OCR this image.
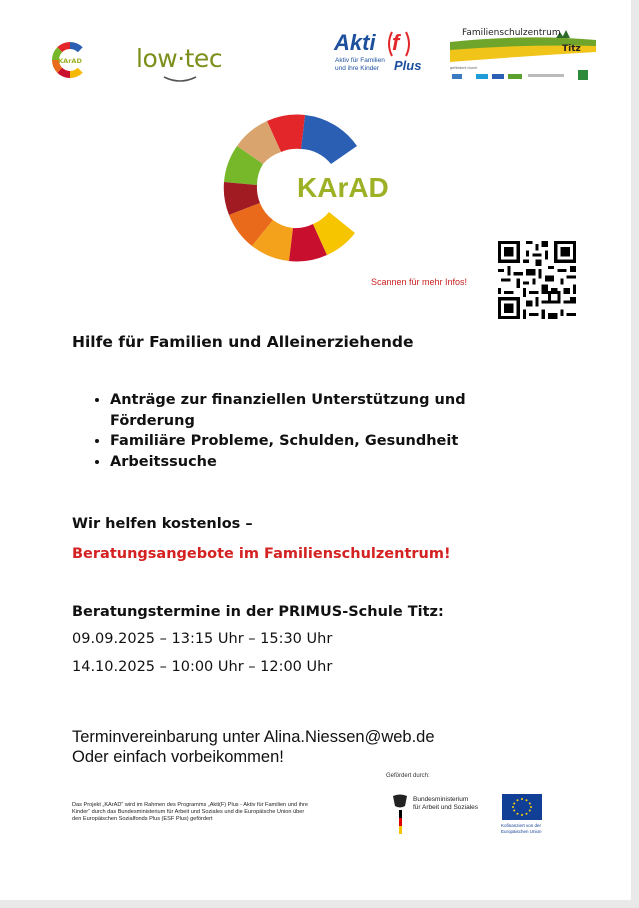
KArAD low·tec
Akti f
Aktiv für Familien
und ihre Kinder Plus
Familienschulzentrum
Titz
gefördert durch
KArAD
Scannen für mehr Infos!
Hilfe für Familien und Alleinerziehende
• Anträge zur finanziellen Unterstützung und Förderung
• Familiäre Probleme, Schulden, Gesundheit
• Arbeitssuche
Wir helfen kostenlos –
Beratungsangebote im Familienschulzentrum!
Beratungstermine in der PRIMUS-Schule Titz:
09.09.2025 – 13:15 Uhr – 15:30 Uhr
14.10.2025 – 10:00 Uhr – 12:00 Uhr
Terminvereinbarung unter Alina.Niessen@web.de
Oder einfach vorbeikommen!
Gefördert durch:
Das Projekt „KArAD“ wird im Rahmen des Programms „Akti(F) Plus - Aktiv für Familien und ihre Kinder“ durch das Bundesministerium für Arbeit und Soziales und die Europäische Union über den Europäischen Sozialfonds Plus (ESF Plus) gefördert
Bundesministerium
für Arbeit und Soziales
Kofinanziert von der
Europäischen Union
